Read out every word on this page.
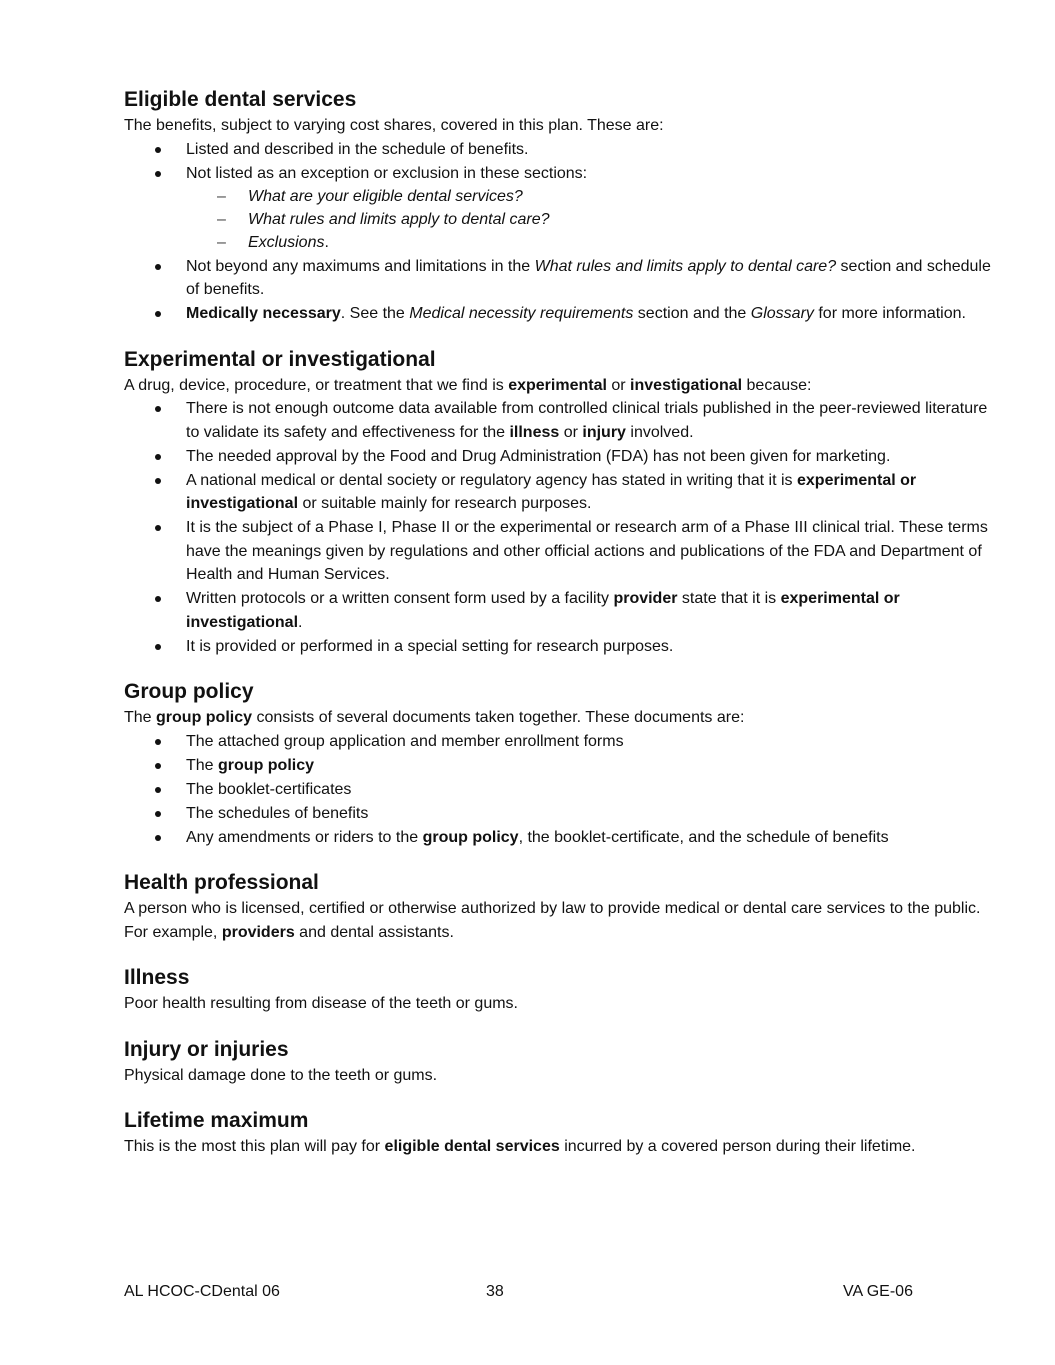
Eligible dental services

The benefits, subject to varying cost shares, covered in this plan. These are:

Listed and described in the schedule of benefits.
Not listed as an exception or exclusion in these sections:
– What are your eligible dental services?
– What rules and limits apply to dental care?
– Exclusions.
Not beyond any maximums and limitations in the What rules and limits apply to dental care? section and schedule of benefits.
Medically necessary. See the Medical necessity requirements section and the Glossary for more information.
Experimental or investigational

A drug, device, procedure, or treatment that we find is experimental or investigational because:

There is not enough outcome data available from controlled clinical trials published in the peer-reviewed literature to validate its safety and effectiveness for the illness or injury involved.
The needed approval by the Food and Drug Administration (FDA) has not been given for marketing.
A national medical or dental society or regulatory agency has stated in writing that it is experimental or investigational or suitable mainly for research purposes.
It is the subject of a Phase I, Phase II or the experimental or research arm of a Phase III clinical trial. These terms have the meanings given by regulations and other official actions and publications of the FDA and Department of Health and Human Services.
Written protocols or a written consent form used by a facility provider state that it is experimental or investigational.
It is provided or performed in a special setting for research purposes.
Group policy

The group policy consists of several documents taken together. These documents are:

The attached group application and member enrollment forms
The group policy
The booklet-certificates
The schedules of benefits
Any amendments or riders to the group policy, the booklet-certificate, and the schedule of benefits
Health professional

A person who is licensed, certified or otherwise authorized by law to provide medical or dental care services to the public. For example, providers and dental assistants.

Illness

Poor health resulting from disease of the teeth or gums.

Injury or injuries

Physical damage done to the teeth or gums.

Lifetime maximum

This is the most this plan will pay for eligible dental services incurred by a covered person during their lifetime.

AL HCOC-CDental 06	38	VA GE-06
